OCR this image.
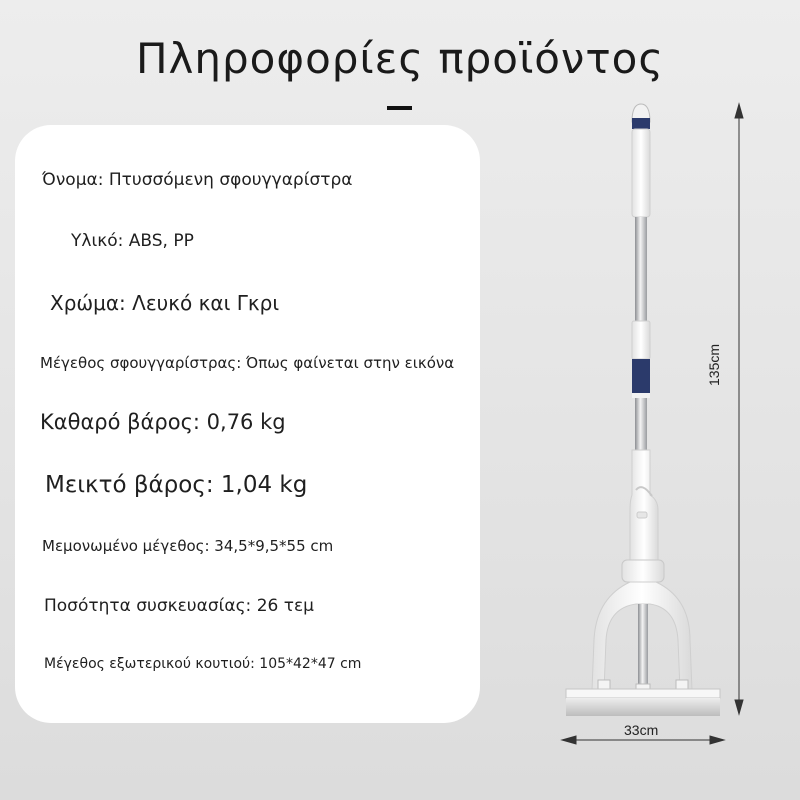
Πληροφορίες προϊόντος
Όνομα: Πτυσσόμενη σφουγγαρίστρα
Υλικό: ABS, PP
Χρώμα: Λευκό και Γκρι
Μέγεθος σφουγγαρίστρας: Όπως φαίνεται στην εικόνα
Καθαρό βάρος: 0,76 kg
Μεικτό βάρος: 1,04 kg
Μεμονωμένο μέγεθος: 34,5*9,5*55 cm
Ποσότητα συσκευασίας: 26 τεμ
Μέγεθος εξωτερικού κουτιού: 105*42*47 cm
135cm
33cm
